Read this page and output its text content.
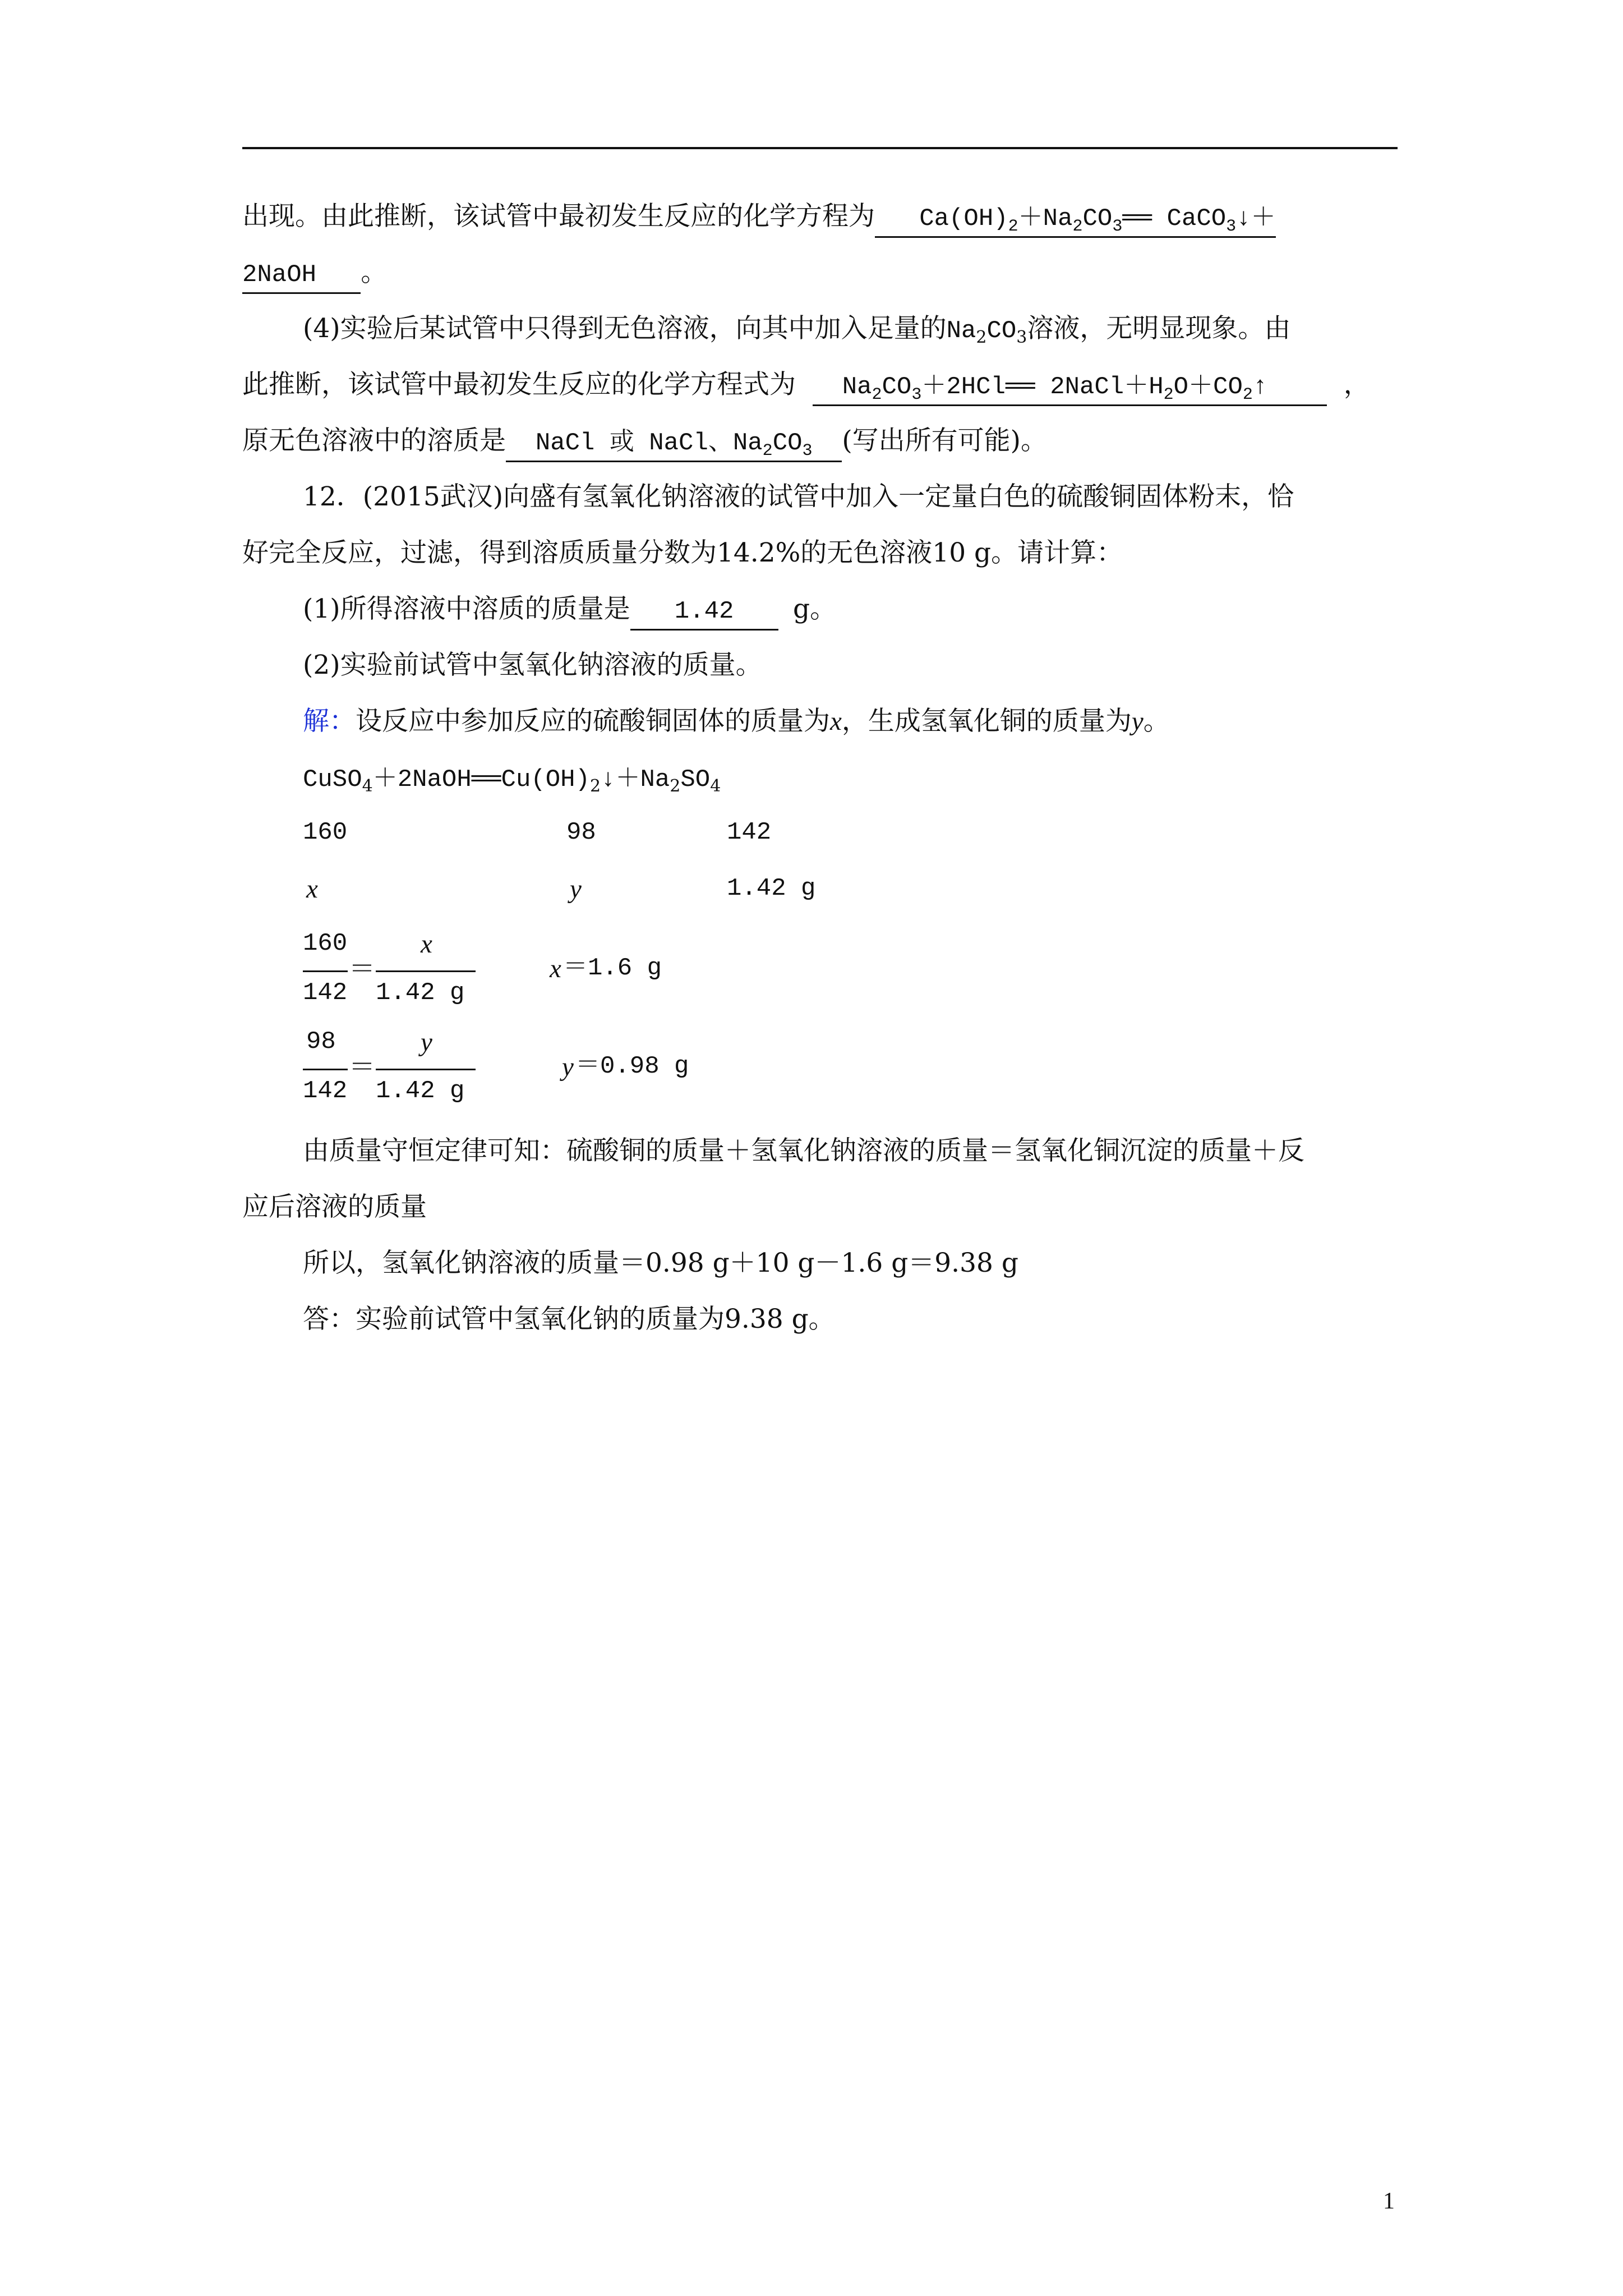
出现。由此推断，该试管中最初发生反应的化学方程为 $Ca(OH)_2+Na_2CO_3══$ CaCO$_3$↓＋
2NaOH 。
(4)实验后某试管中只得到无色溶液，向其中加入足量的$Na_2CO_3$溶液，无明显现象。由
此推断，该试管中最初发生反应的化学方程式为 $Na_2CO_3+2HCl══$ $2NaCl+H_2O+CO_2↑$	，
原无色溶液中的溶质是 NaCl 或 NaCl、$Na_2CO_3$ (写出所有可能)。
12．(2015武汉)向盛有氢氧化钠溶液的试管中加入一定量白色的硫酸铜固体粉末，恰
好完全反应，过滤，得到溶质质量分数为14.2%的无色溶液10 g。请计算：
(1)所得溶液中溶质的质量是 1.42 g。
(2)实验前试管中氢氧化钠溶液的质量。
解：设反应中参加反应的硫酸铜固体的质量为x，生成氢氧化铜的质量为y。
$CuSO_4+2NaOH══Cu(OH)_2↓+Na_2SO_4$
160	98	142
x	y	1.42 g
160
142
＝
x
1.42 g
x ＝1.6 g
98
142
＝
y
1.42 g
y ＝0.98 g
由质量守恒定律可知：硫酸铜的质量＋氢氧化钠溶液的质量＝氢氧化铜沉淀的质量＋反
应后溶液的质量
所以，氢氧化钠溶液的质量＝0.98 g＋10 g－1.6 g＝9.38 g
答：实验前试管中氢氧化钠的质量为9.38 g。
1
